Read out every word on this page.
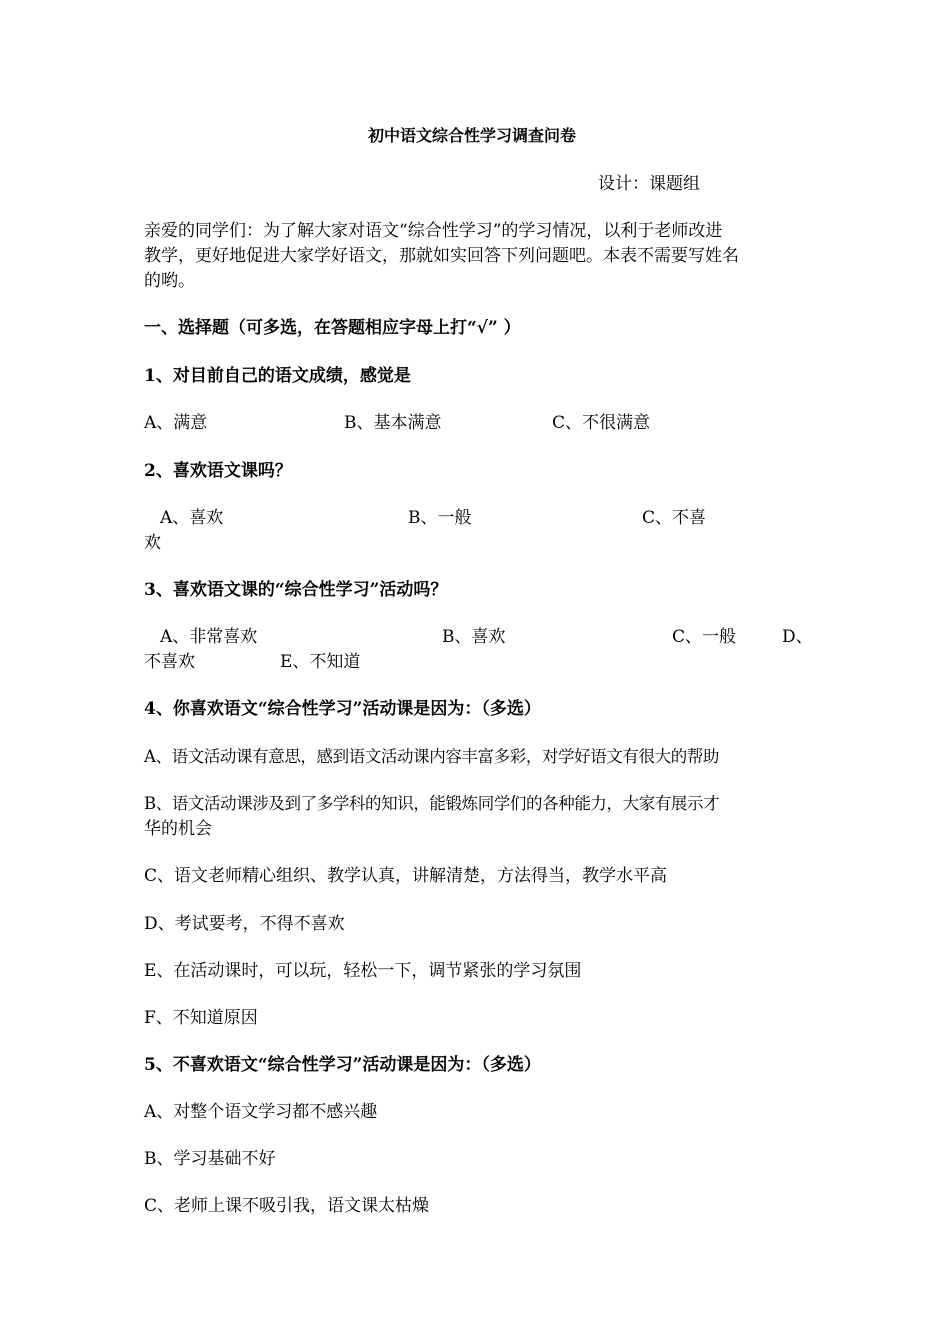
初中语文综合性学习调查问卷
设计：课题组
亲爱的同学们：为了解大家对语文“综合性学习”的学习情况，以利于老师改进
教学，更好地促进大家学好语文，那就如实回答下列问题吧。本表不需要写姓名
的哟。
一、选择题（可多选，在答题相应字母上打“√” ）
1、对目前自己的语文成绩，感觉是
A、满意	B、基本满意	C、不很满意
2、喜欢语文课吗？
A、喜欢	B、一般	C、不喜
欢
3、喜欢语文课的“综合性学习”活动吗？
A、非常喜欢	B、喜欢	C、一般	D、
不喜欢	E、不知道
4、你喜欢语文“综合性学习”活动课是因为：（多选）
A、语文活动课有意思，感到语文活动课内容丰富多彩，对学好语文有很大的帮助
B、语文活动课涉及到了多学科的知识，能锻炼同学们的各种能力，大家有展示才
华的机会
C、语文老师精心组织、教学认真，讲解清楚，方法得当，教学水平高
D、考试要考，不得不喜欢
E、在活动课时，可以玩，轻松一下，调节紧张的学习氛围
F、不知道原因
5、不喜欢语文“综合性学习”活动课是因为：（多选）
A、对整个语文学习都不感兴趣
B、学习基础不好
C、老师上课不吸引我，语文课太枯燥
